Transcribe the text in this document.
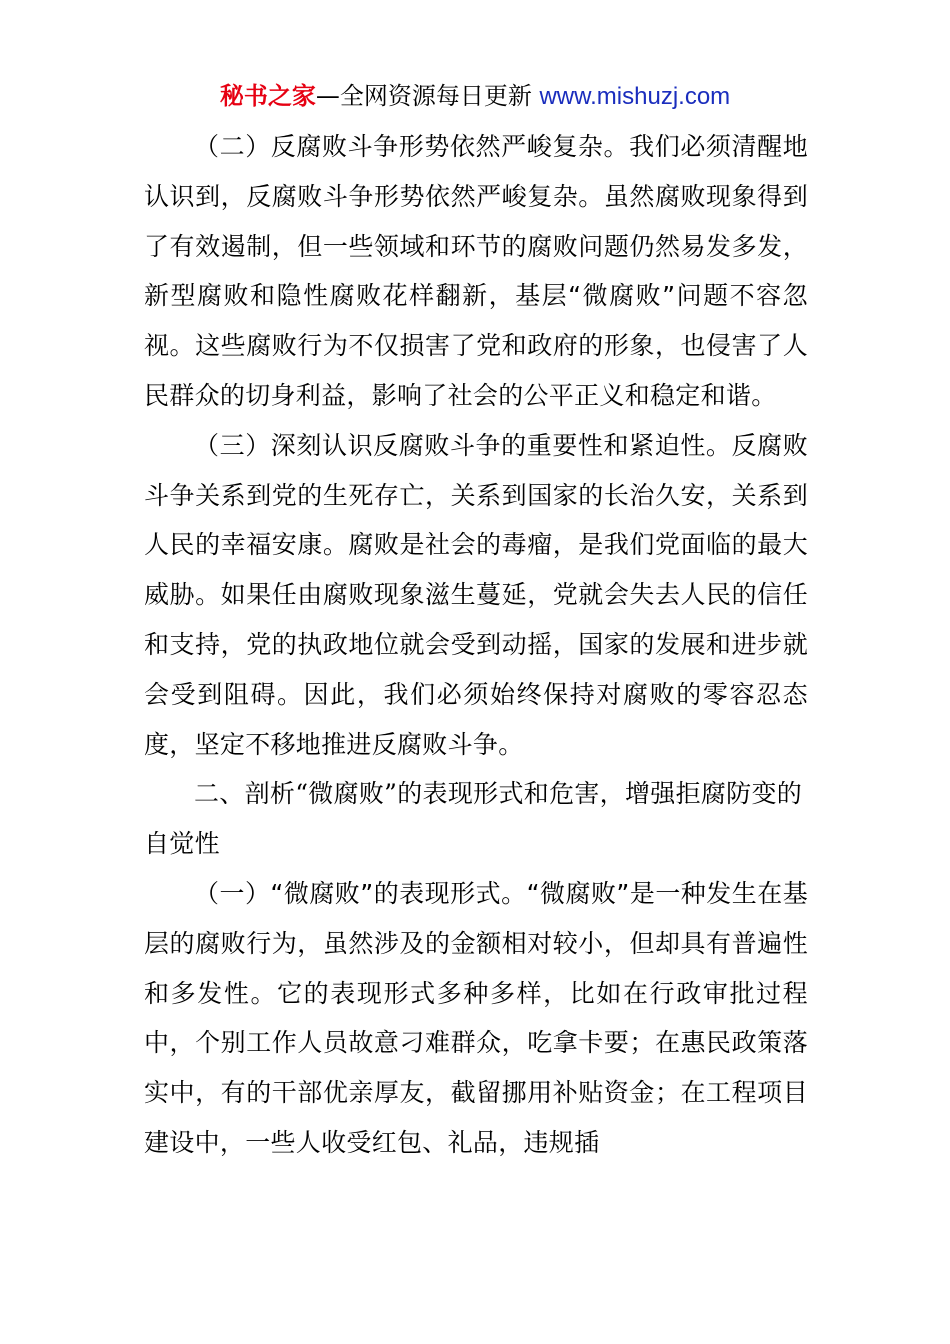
秘书之家—全网资源每日更新 www.mishuzj.com

（二）反腐败斗争形势依然严峻复杂。我们必须清醒地认识到，反腐败斗争形势依然严峻复杂。虽然腐败现象得到了有效遏制，但一些领域和环节的腐败问题仍然易发多发，新型腐败和隐性腐败花样翻新，基层“微腐败”问题不容忽视。这些腐败行为不仅损害了党和政府的形象，也侵害了人民群众的切身利益，影响了社会的公平正义和稳定和谐。

（三）深刻认识反腐败斗争的重要性和紧迫性。反腐败斗争关系到党的生死存亡，关系到国家的长治久安，关系到人民的幸福安康。腐败是社会的毒瘤，是我们党面临的最大威胁。如果任由腐败现象滋生蔓延，党就会失去人民的信任和支持，党的执政地位就会受到动摇，国家的发展和进步就会受到阻碍。因此，我们必须始终保持对腐败的零容忍态度，坚定不移地推进反腐败斗争。

二、剖析“微腐败”的表现形式和危害，增强拒腐防变的自觉性

（一）“微腐败”的表现形式。“微腐败”是一种发生在基层的腐败行为，虽然涉及的金额相对较小，但却具有普遍性和多发性。它的表现形式多种多样，比如在行政审批过程中，个别工作人员故意刁难群众，吃拿卡要；在惠民政策落实中，有的干部优亲厚友，截留挪用补贴资金；在工程项目建设中，一些人收受红包、礼品，违规插
